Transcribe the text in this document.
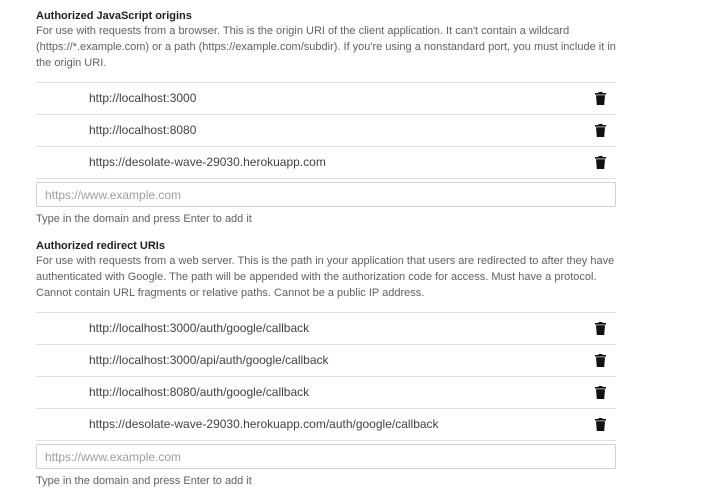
Authorized JavaScript origins
For use with requests from a browser. This is the origin URI of the client application. It can't contain a wildcard (https://*.example.com) or a path (https://example.com/subdir). If you're using a nonstandard port, you must include it in the origin URI.
http://localhost:3000
http://localhost:8080
https://desolate-wave-29030.herokuapp.com
https://www.example.com
Type in the domain and press Enter to add it
Authorized redirect URIs
For use with requests from a web server. This is the path in your application that users are redirected to after they have authenticated with Google. The path will be appended with the authorization code for access. Must have a protocol. Cannot contain URL fragments or relative paths. Cannot be a public IP address.
http://localhost:3000/auth/google/callback
http://localhost:3000/api/auth/google/callback
http://localhost:8080/auth/google/callback
https://desolate-wave-29030.herokuapp.com/auth/google/callback
https://www.example.com
Type in the domain and press Enter to add it
